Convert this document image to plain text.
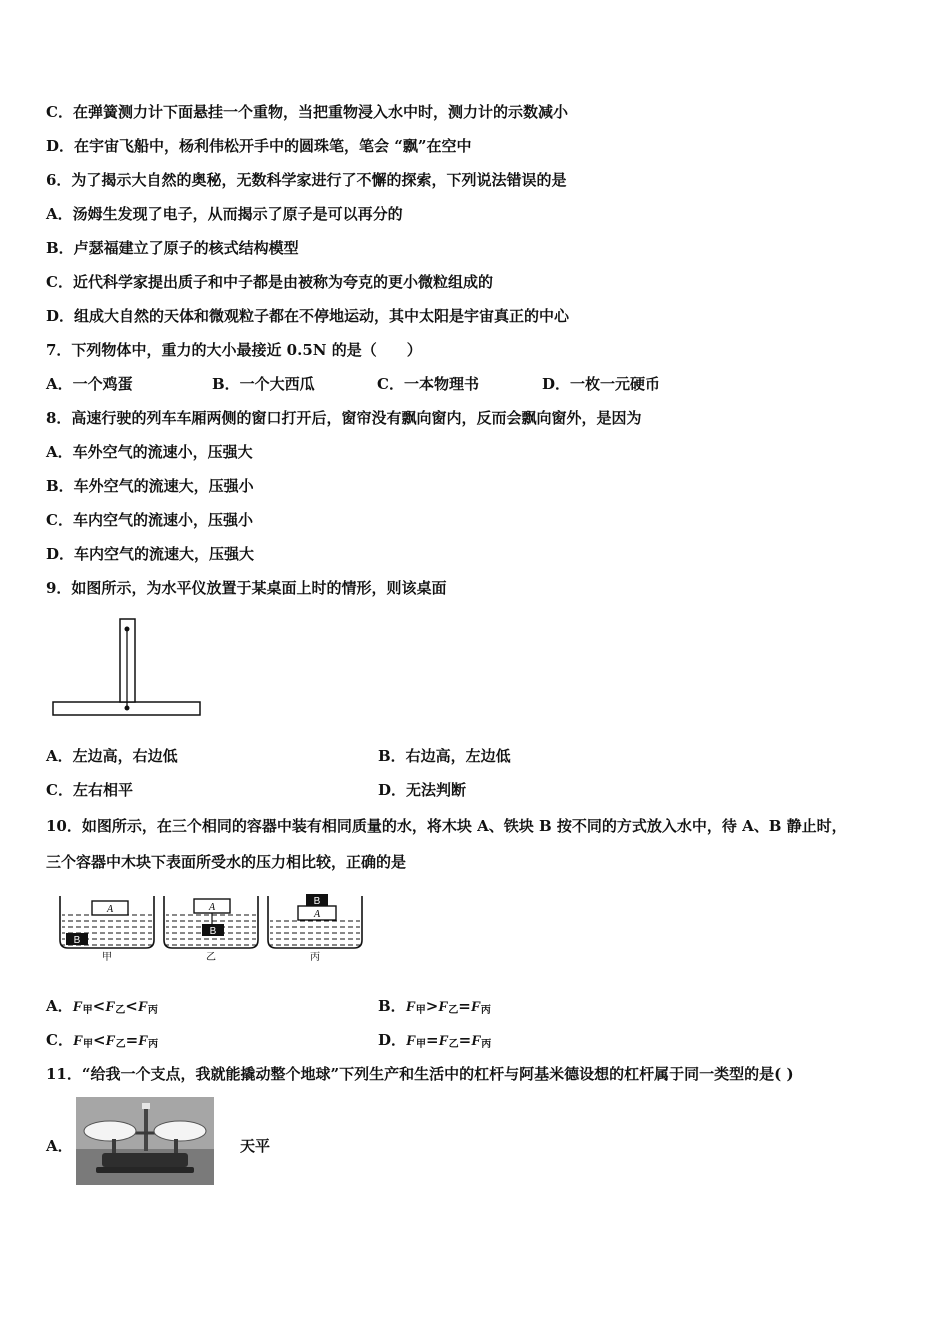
C．在弹簧测力计下面悬挂一个重物，当把重物浸入水中时，测力计的示数减小
D．在宇宙飞船中，杨利伟松开手中的圆珠笔，笔会 “飘”在空中
6．为了揭示大自然的奥秘，无数科学家进行了不懈的探索，下列说法错误的是
A．汤姆生发现了电子，从而揭示了原子是可以再分的
B．卢瑟福建立了原子的核式结构模型
C．近代科学家提出质子和中子都是由被称为夸克的更小微粒组成的
D．组成大自然的天体和微观粒子都在不停地运动，其中太阳是宇宙真正的中心
7．下列物体中，重力的大小最接近 0.5N 的是（　　）
A．一个鸡蛋	B．一个大西瓜	C．一本物理书	D．一枚一元硬币
8．高速行驶的列车车厢两侧的窗口打开后，窗帘没有飘向窗内，反而会飘向窗外，是因为
A．车外空气的流速小，压强大
B．车外空气的流速大，压强小
C．车内空气的流速小，压强小
D．车内空气的流速大，压强大
9．如图所示，为水平仪放置于某桌面上时的情形，则该桌面
A．左边高，右边低	B．右边高，左边低
C．左右相平	D．无法判断
10．如图所示，在三个相同的容器中装有相同质量的水，将木块 A、铁块 B 按不同的方式放入水中，待 A、B 静止时，
三个容器中木块下表面所受水的压力相比较，正确的是
A
B
甲
A
B
乙
A
B
丙
A．$F_甲<F_乙<F_丙$	B．$F_甲>F_乙=F_丙$
C．$F_甲<F_乙=F_丙$	D．$F_甲=F_乙=F_丙$
11．“给我一个支点，我就能撬动整个地球”下列生产和生活中的杠杆与阿基米德设想的杠杆属于同一类型的是( )
A．	天平
